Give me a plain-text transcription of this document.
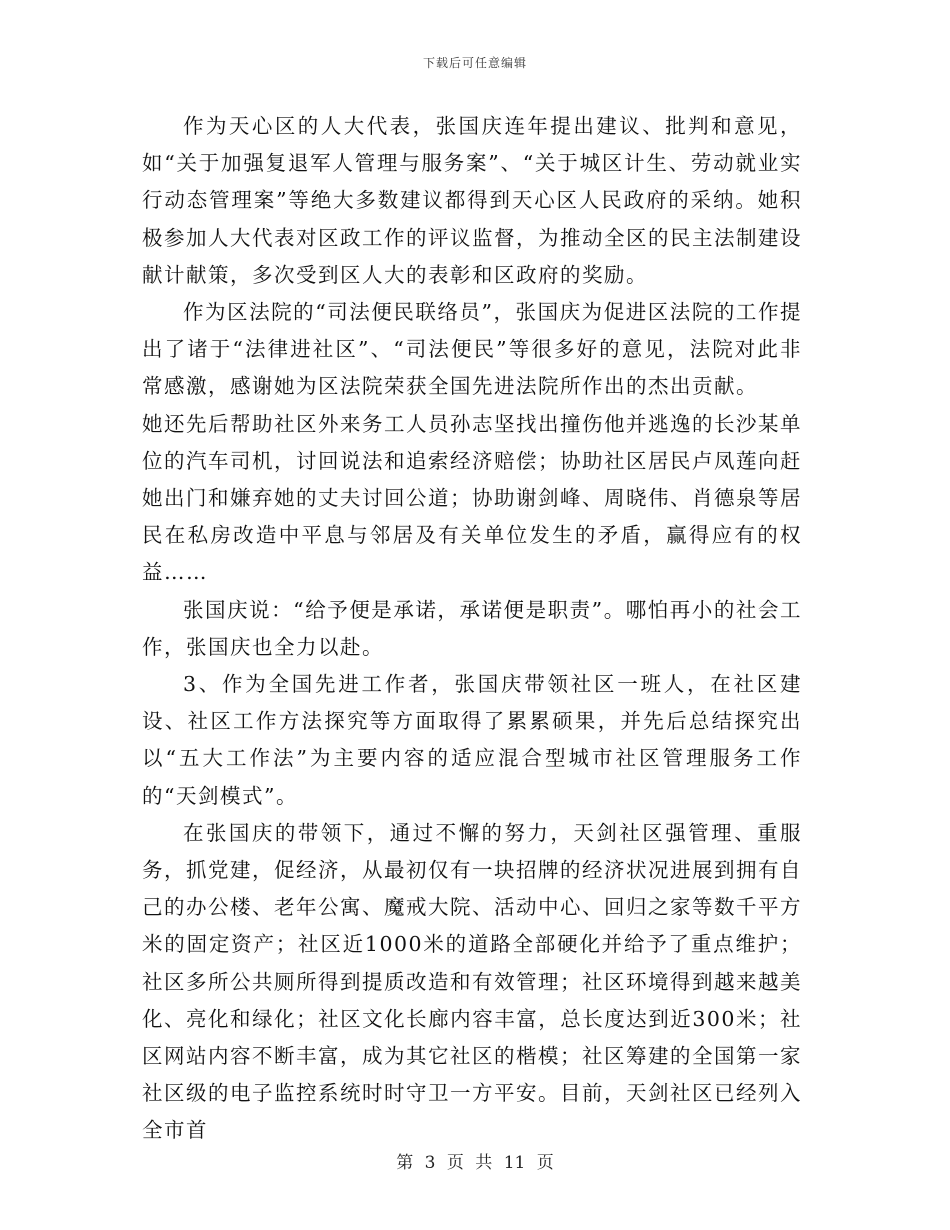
下载后可任意编辑

作为天心区的人大代表，张国庆连年提出建议、批判和意见，如“关于加强复退军人管理与服务案”、“关于城区计生、劳动就业实行动态管理案”等绝大多数建议都得到天心区人民政府的采纳。她积极参加人大代表对区政工作的评议监督，为推动全区的民主法制建设献计献策，多次受到区人大的表彰和区政府的奖励。

作为区法院的“司法便民联络员”，张国庆为促进区法院的工作提出了诸于“法律进社区”、“司法便民”等很多好的意见，法院对此非常感激，感谢她为区法院荣获全国先进法院所作出的杰出贡献。

她还先后帮助社区外来务工人员孙志坚找出撞伤他并逃逸的长沙某单位的汽车司机，讨回说法和追索经济赔偿；协助社区居民卢凤莲向赶她出门和嫌弃她的丈夫讨回公道；协助谢剑峰、周晓伟、肖德泉等居民在私房改造中平息与邻居及有关单位发生的矛盾，赢得应有的权益……

张国庆说：“给予便是承诺，承诺便是职责”。哪怕再小的社会工作，张国庆也全力以赴。

3、作为全国先进工作者，张国庆带领社区一班人，在社区建设、社区工作方法探究等方面取得了累累硕果，并先后总结探究出以“五大工作法”为主要内容的适应混合型城市社区管理服务工作的“天剑模式”。

在张国庆的带领下，通过不懈的努力，天剑社区强管理、重服务，抓党建，促经济，从最初仅有一块招牌的经济状况进展到拥有自己的办公楼、老年公寓、魔戒大院、活动中心、回归之家等数千平方米的固定资产；社区近1000米的道路全部硬化并给予了重点维护；社区多所公共厕所得到提质改造和有效管理；社区环境得到越来越美化、亮化和绿化；社区文化长廊内容丰富，总长度达到近300米；社区网站内容不断丰富，成为其它社区的楷模；社区筹建的全国第一家社区级的电子监控系统时时守卫一方平安。目前，天剑社区已经列入全市首

第 3 页 共 11 页
